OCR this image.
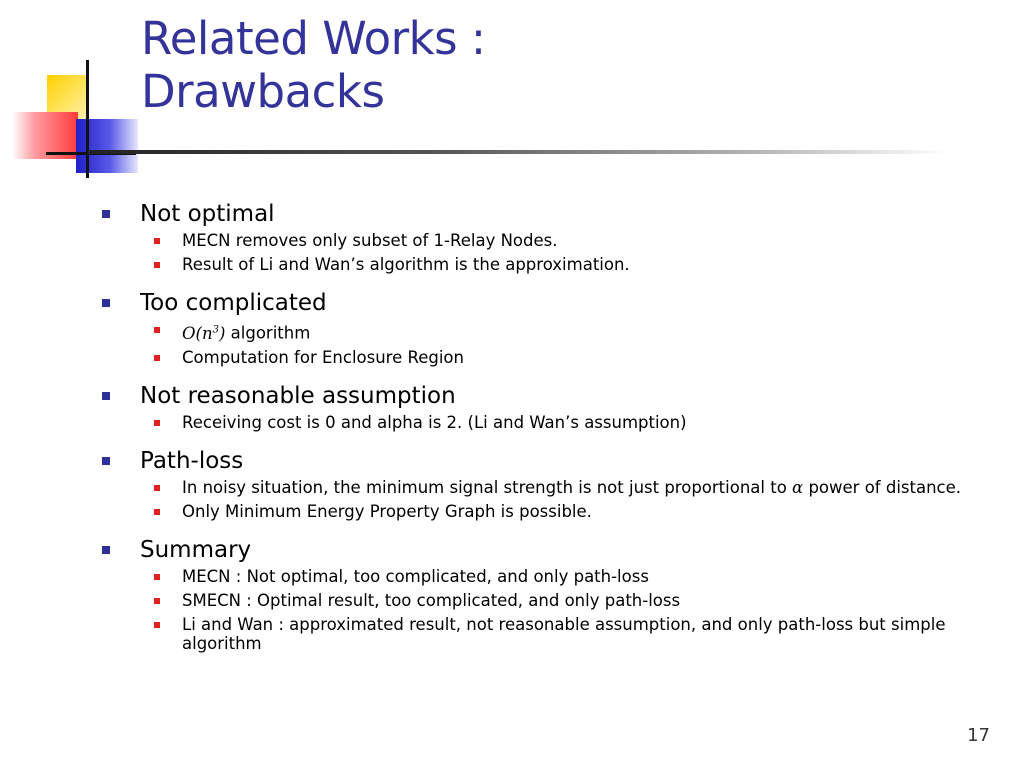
Related Works :
Drawbacks
Not optimal
MECN removes only subset of 1-Relay Nodes.
Result of Li and Wan’s algorithm is the approximation.
Too complicated
$O(n^3)$ algorithm
Computation for Enclosure Region
Not reasonable assumption
Receiving cost is 0 and alpha is 2. (Li and Wan’s assumption)
Path-loss
In noisy situation, the minimum signal strength is not just proportional to α power of distance.
Only Minimum Energy Property Graph is possible.
Summary
MECN : Not optimal, too complicated, and only path-loss
SMECN : Optimal result, too complicated, and only path-loss
Li and Wan : approximated result, not reasonable assumption, and only path-loss but simple algorithm
17
